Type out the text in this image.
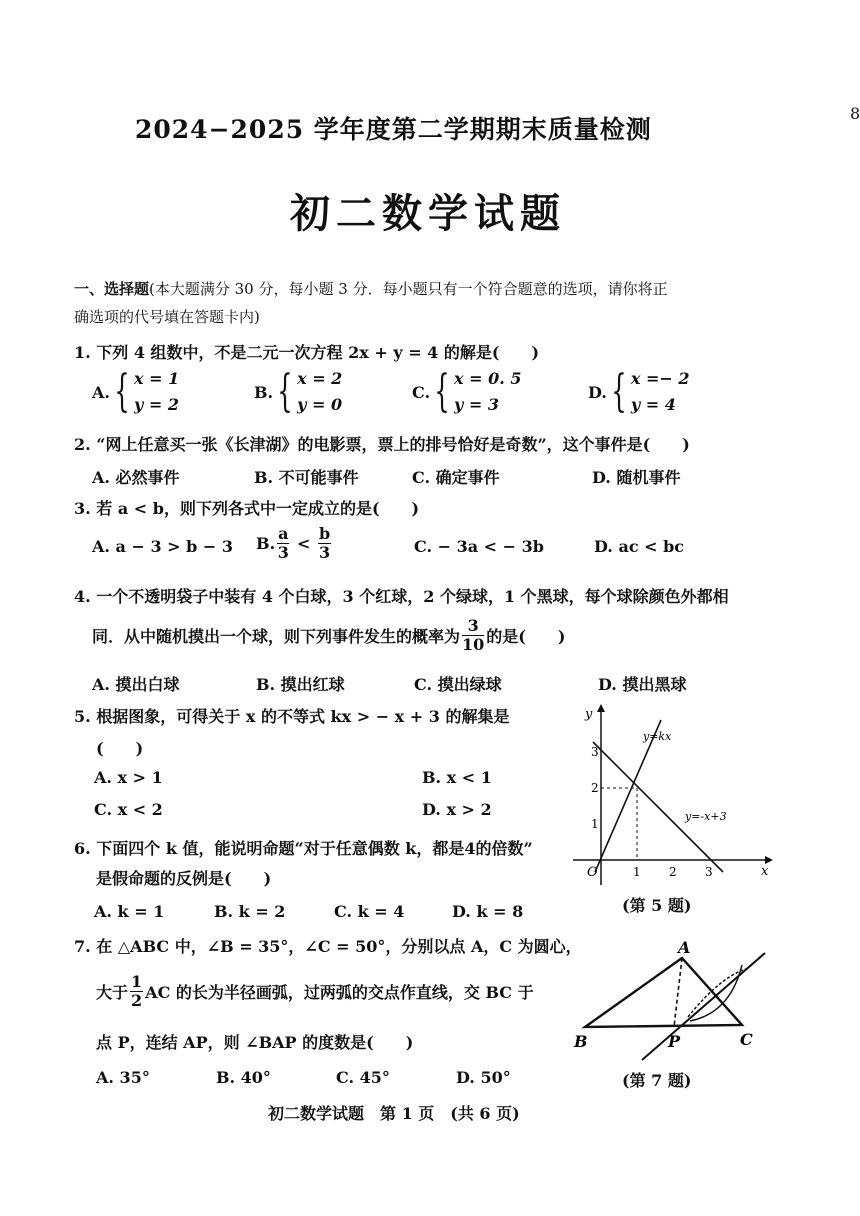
8
2024−2025 学年度第二学期期末质量检测
初二数学试题
一、选择题(本大题满分 30 分，每小题 3 分．每小题只有一个符合题意的选项，请你将正
确选项的代号填在答题卡内)
1. 下列 4 组数中，不是二元一次方程 2x + y = 4 的解是(　　)
A.{ x = 1
y = 2
B.{ x = 2
y = 0
C.{ x = 0. 5
y = 3
D.{ x =− 2
y = 4
2. “网上任意买一张《长津湖》的电影票，票上的排号恰好是奇数”，这个事件是(　　)
A. 必然事件	B. 不可能事件	C. 确定事件	D. 随机事件
3. 若 a < b，则下列各式中一定成立的是(　　)
A. a − 3 > b − 3 B. $\frac{a}{3} < \frac{b}{3}$	C. − 3a < − 3b	D. ac < bc
4. 一个不透明袋子中装有 4 个白球，3 个红球，2 个绿球，1 个黑球，每个球除颜色外都相
同．从中随机摸出一个球，则下列事件发生的概率为 $\frac{3}{10}$ 的是(　　)
A. 摸出白球	B. 摸出红球	C. 摸出绿球	D. 摸出黑球
5. 根据图象，可得关于 x 的不等式 kx > − x + 3 的解集是
(　　)
A. x > 1	B. x < 1
C. x < 2	D. x > 2
y
x
O	1 2 3
1
2
3
y=kx
y=-x+3
(第 5 题)
6. 下面四个 k 值，能说明命题“对于任意偶数 k，都是4的倍数”
是假命题的反例是(　　)
A. k = 1	B. k = 2	C. k = 4	D. k = 8
7. 在 △ABC 中，∠B = 35°，∠C = 50°，分别以点 A，C 为圆心，
大于 $\frac{1}{2}$ AC 的长为半径画弧，过两弧的交点作直线，交 BC 于
点 P，连结 AP，则 ∠BAP 的度数是(　　)
A. 35°	B. 40°	C. 45°	D. 50°
A
B	C
P
(第 7 题)
初二数学试题　第 1 页　(共 6 页)
